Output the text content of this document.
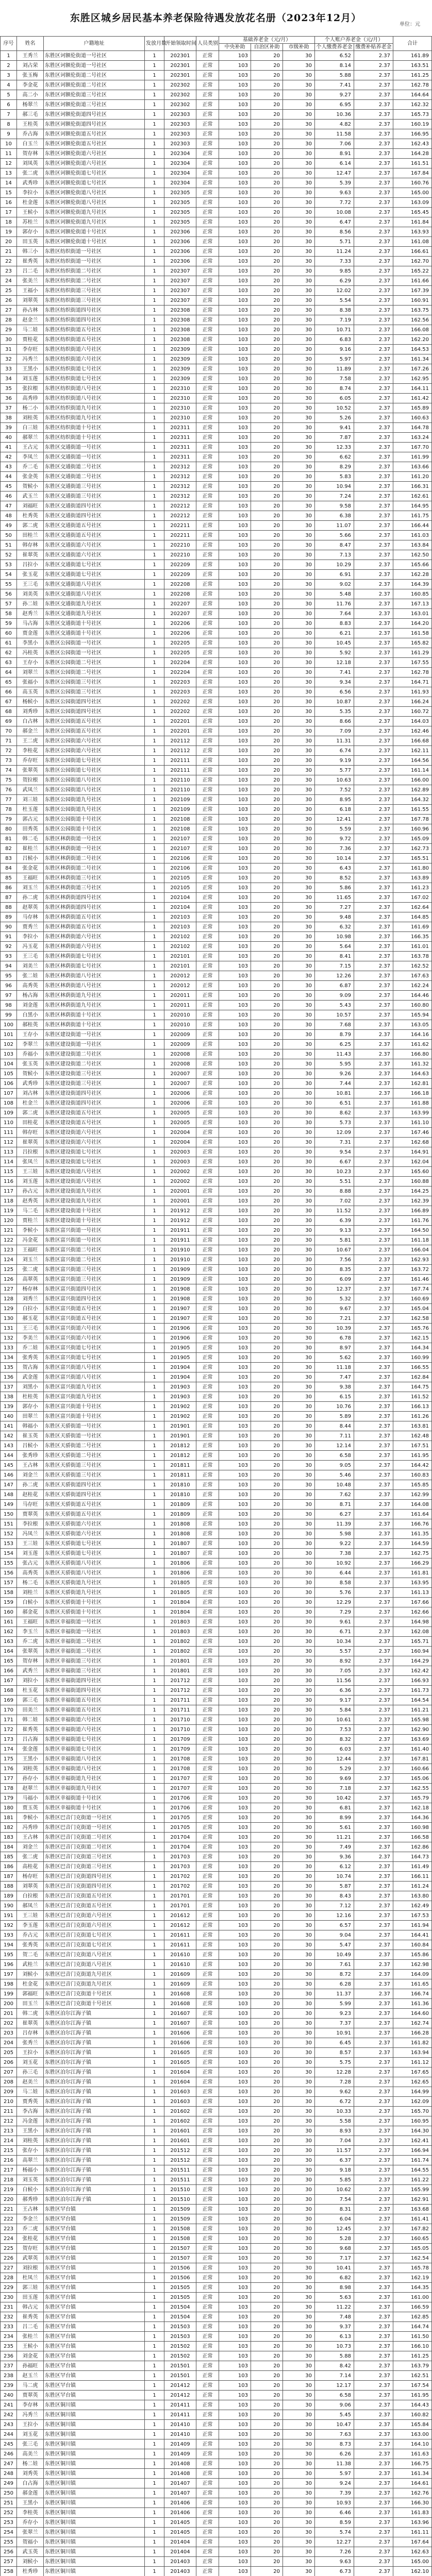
东胜区城乡居民基本养老保险待遇发放花名册（2023年12月）
单位：元
序号	姓名	户籍地址	发放月数	开始领取时间	人员类别	基础养老金（元/月）			个人账户养老金（元/月）		合计
						中央补助	自治区补助	市级补助	个人缴费养老金	缴费补贴养老金	
1	王秀兰	东胜区诃额伦街道一号社区	1	202301	正常	103	20	30	6.52	2.37	161.89
2	刘占荣	东胜区诃额伦街道一号社区	1	202301	正常	103	20	30	8.14	2.37	163.51
3	张玉梅	东胜区诃额伦街道二号社区	1	202301	正常	103	20	30	5.88	2.37	161.25
4	李金花	东胜区诃额伦街道二号社区	1	202302	正常	103	20	30	7.41	2.37	162.78
5	高二小	东胜区诃额伦街道三号社区	1	202302	正常	103	20	30	9.27	2.37	164.64
6	杨翠兰	东胜区诃额伦街道三号社区	1	202302	正常	103	20	30	6.95	2.37	162.32
7	郝三毛	东胜区诃额伦街道四号社区	1	202303	正常	103	20	30	10.36	2.37	165.73
8	王桂英	东胜区诃额伦街道四号社区	1	202303	正常	103	20	30	4.82	2.37	160.19
9	乔占海	东胜区诃额伦街道五号社区	1	202303	正常	103	20	30	11.58	2.37	166.95
10	白玉兰	东胜区诃额伦街道五号社区	1	202303	正常	103	20	30	7.06	2.37	162.43
11	贺存林	东胜区诃额伦街道六号社区	1	202304	正常	103	20	30	8.91	2.37	164.28
12	刘凤英	东胜区诃额伦街道六号社区	1	202304	正常	103	20	30	6.14	2.37	161.51
13	张二虎	东胜区诃额伦街道七号社区	1	202304	正常	103	20	30	12.47	2.37	167.84
14	武秀珍	东胜区诃额伦街道七号社区	1	202304	正常	103	20	30	5.39	2.37	160.76
15	李拉小	东胜区诃额伦街道八号社区	1	202305	正常	103	20	30	9.63	2.37	165.00
16	杜金莲	东胜区诃额伦街道八号社区	1	202305	正常	103	20	30	7.72	2.37	163.09
17	王候小	东胜区诃额伦街道九号社区	1	202305	正常	103	20	30	10.08	2.37	165.45
18	苏桂兰	东胜区诃额伦街道九号社区	1	202305	正常	103	20	30	6.47	2.37	161.84
19	郭存小	东胜区诃额伦街道十号社区	1	202306	正常	103	20	30	8.56	2.37	163.93
20	田玉英	东胜区诃额伦街道十号社区	1	202306	正常	103	20	30	5.71	2.37	161.08
21	韩三小	东胜区纺织街道一号社区	1	202306	正常	103	20	30	11.24	2.37	166.61
22	崔秀英	东胜区纺织街道一号社区	1	202306	正常	103	20	30	7.33	2.37	162.70
23	吕二毛	东胜区纺织街道二号社区	1	202307	正常	103	20	30	9.85	2.37	165.22
24	张美兰	东胜区纺织街道二号社区	1	202307	正常	103	20	30	6.29	2.37	161.66
25	王福小	东胜区纺织街道三号社区	1	202307	正常	103	20	30	12.02	2.37	167.39
26	刘翠英	东胜区纺织街道三号社区	1	202307	正常	103	20	30	5.54	2.37	160.91
27	孙占林	东胜区纺织街道四号社区	1	202308	正常	103	20	30	8.38	2.37	163.75
28	赵金兰	东胜区纺织街道四号社区	1	202308	正常	103	20	30	7.19	2.37	162.56
29	马二娃	东胜区纺织街道五号社区	1	202308	正常	103	20	30	10.71	2.37	166.08
30	贾桂花	东胜区纺织街道五号社区	1	202308	正常	103	20	30	6.83	2.37	162.20
31	李存旺	东胜区纺织街道六号社区	1	202309	正常	103	20	30	9.16	2.37	164.53
32	冯秀兰	东胜区纺织街道六号社区	1	202309	正常	103	20	30	5.97	2.37	161.34
33	王黑小	东胜区纺织街道七号社区	1	202309	正常	103	20	30	11.89	2.37	167.26
34	刘玉莲	东胜区纺织街道七号社区	1	202309	正常	103	20	30	7.58	2.37	162.95
35	张拉根	东胜区纺织街道八号社区	1	202310	正常	103	20	30	8.74	2.37	164.11
36	高秀珍	东胜区纺织街道八号社区	1	202310	正常	103	20	30	6.05	2.37	161.42
37	杨二小	东胜区纺织街道九号社区	1	202310	正常	103	20	30	10.52	2.37	165.89
38	刘桂英	东胜区纺织街道九号社区	1	202310	正常	103	20	30	5.26	2.37	160.63
39	白三娃	东胜区纺织街道十号社区	1	202311	正常	103	20	30	9.41	2.37	164.78
40	郝翠兰	东胜区纺织街道十号社区	1	202311	正常	103	20	30	7.87	2.37	163.24
41	王占元	东胜区交通街道一号社区	1	202311	正常	103	20	30	12.33	2.37	167.70
42	李凤兰	东胜区交通街道一号社区	1	202311	正常	103	20	30	6.62	2.37	161.99
43	乔二毛	东胜区交通街道二号社区	1	202312	正常	103	20	30	8.29	2.37	163.66
44	张金英	东胜区交通街道二号社区	1	202312	正常	103	20	30	5.83	2.37	161.20
45	贺候小	东胜区交通街道三号社区	1	202312	正常	103	20	30	10.94	2.37	166.31
46	武玉兰	东胜区交通街道三号社区	1	202312	正常	103	20	30	7.24	2.37	162.61
47	刘福旺	东胜区交通街道四号社区	1	202212	正常	103	20	30	9.58	2.37	164.95
48	杜秀英	东胜区交通街道四号社区	1	202212	正常	103	20	30	6.38	2.37	161.75
49	郭二虎	东胜区交通街道五号社区	1	202211	正常	103	20	30	11.07	2.37	166.44
50	田桂兰	东胜区交通街道五号社区	1	202211	正常	103	20	30	5.66	2.37	161.03
51	韩存林	东胜区交通街道六号社区	1	202210	正常	103	20	30	8.47	2.37	163.84
52	崔翠英	东胜区交通街道六号社区	1	202210	正常	103	20	30	7.13	2.37	162.50
53	吕拉小	东胜区交通街道七号社区	1	202209	正常	103	20	30	10.29	2.37	165.66
54	张玉花	东胜区交通街道七号社区	1	202209	正常	103	20	30	6.91	2.37	162.28
55	王三毛	东胜区交通街道八号社区	1	202208	正常	103	20	30	9.02	2.37	164.39
56	刘美英	东胜区交通街道八号社区	1	202208	正常	103	20	30	5.48	2.37	160.85
57	孙二娃	东胜区交通街道九号社区	1	202207	正常	103	20	30	11.76	2.37	167.13
58	赵秀兰	东胜区交通街道九号社区	1	202207	正常	103	20	30	7.64	2.37	163.01
59	马占海	东胜区交通街道十号社区	1	202206	正常	103	20	30	8.83	2.37	164.20
60	贾金莲	东胜区交通街道十号社区	1	202206	正常	103	20	30	6.21	2.37	161.58
61	李黑小	东胜区公园街道一号社区	1	202205	正常	103	20	30	10.45	2.37	165.82
62	冯桂英	东胜区公园街道一号社区	1	202205	正常	103	20	30	5.92	2.37	161.29
63	王存小	东胜区公园街道二号社区	1	202204	正常	103	20	30	12.18	2.37	167.55
64	刘翠兰	东胜区公园街道二号社区	1	202204	正常	103	20	30	7.41	2.37	162.78
65	张福小	东胜区公园街道三号社区	1	202203	正常	103	20	30	9.34	2.37	164.71
66	高玉英	东胜区公园街道三号社区	1	202203	正常	103	20	30	6.56	2.37	161.93
67	杨候小	东胜区公园街道四号社区	1	202202	正常	103	20	30	10.87	2.37	166.24
68	刘秀珍	东胜区公园街道四号社区	1	202202	正常	103	20	30	5.35	2.37	160.72
69	白占林	东胜区公园街道五号社区	1	202201	正常	103	20	30	8.66	2.37	164.03
70	郝金兰	东胜区公园街道五号社区	1	202201	正常	103	20	30	7.09	2.37	162.46
71	王二虎	东胜区公园街道六号社区	1	202112	正常	103	20	30	11.31	2.37	166.68
72	李桂花	东胜区公园街道六号社区	1	202112	正常	103	20	30	6.74	2.37	162.11
73	乔存旺	东胜区公园街道七号社区	1	202111	正常	103	20	30	9.19	2.37	164.56
74	张翠英	东胜区公园街道七号社区	1	202111	正常	103	20	30	5.77	2.37	161.14
75	贺拉根	东胜区公园街道八号社区	1	202110	正常	103	20	30	10.63	2.37	166.00
76	武凤兰	东胜区公园街道八号社区	1	202110	正常	103	20	30	7.52	2.37	162.89
77	刘三娃	东胜区公园街道九号社区	1	202109	正常	103	20	30	8.95	2.37	164.32
78	杜玉莲	东胜区公园街道九号社区	1	202109	正常	103	20	30	6.18	2.37	161.55
79	郭占元	东胜区公园街道十号社区	1	202108	正常	103	20	30	12.41	2.37	167.78
80	田秀英	东胜区公园街道十号社区	1	202108	正常	103	20	30	5.59	2.37	160.96
81	韩二毛	东胜区林荫街道一号社区	1	202107	正常	103	20	30	9.72	2.37	165.09
82	崔桂兰	东胜区林荫街道一号社区	1	202107	正常	103	20	30	7.36	2.37	162.73
83	吕候小	东胜区林荫街道二号社区	1	202106	正常	103	20	30	10.14	2.37	165.51
84	张金花	东胜区林荫街道二号社区	1	202106	正常	103	20	30	6.43	2.37	161.80
85	王福旺	东胜区林荫街道三号社区	1	202105	正常	103	20	30	8.52	2.37	163.89
86	刘玉兰	东胜区林荫街道三号社区	1	202105	正常	103	20	30	5.86	2.37	161.23
87	孙二虎	东胜区林荫街道四号社区	1	202104	正常	103	20	30	11.65	2.37	167.02
88	赵翠英	东胜区林荫街道四号社区	1	202104	正常	103	20	30	7.27	2.37	162.64
89	马存林	东胜区林荫街道五号社区	1	202103	正常	103	20	30	9.48	2.37	164.85
90	贾秀兰	东胜区林荫街道五号社区	1	202103	正常	103	20	30	6.32	2.37	161.69
91	李拉小	东胜区林荫街道六号社区	1	202102	正常	103	20	30	10.98	2.37	166.35
92	冯玉花	东胜区林荫街道六号社区	1	202102	正常	103	20	30	5.64	2.37	161.01
93	王三毛	东胜区林荫街道七号社区	1	202101	正常	103	20	30	8.41	2.37	163.78
94	刘美兰	东胜区林荫街道七号社区	1	202101	正常	103	20	30	7.15	2.37	162.52
95	张二娃	东胜区林荫街道八号社区	1	202012	正常	103	20	30	12.26	2.37	167.63
96	高秀英	东胜区林荫街道八号社区	1	202012	正常	103	20	30	6.87	2.37	162.24
97	杨占海	东胜区林荫街道九号社区	1	202011	正常	103	20	30	9.09	2.37	164.46
98	刘金莲	东胜区林荫街道九号社区	1	202011	正常	103	20	30	5.43	2.37	160.80
99	白黑小	东胜区林荫街道十号社区	1	202010	正常	103	20	30	10.57	2.37	165.94
100	郝桂英	东胜区林荫街道十号社区	1	202010	正常	103	20	30	7.68	2.37	163.05
101	王存小	东胜区建设街道一号社区	1	202009	正常	103	20	30	8.79	2.37	164.16
102	李翠兰	东胜区建设街道一号社区	1	202009	正常	103	20	30	6.25	2.37	161.62
103	乔福小	东胜区建设街道二号社区	1	202008	正常	103	20	30	11.43	2.37	166.80
104	张玉英	东胜区建设街道二号社区	1	202008	正常	103	20	30	5.95	2.37	161.32
105	贺候小	东胜区建设街道三号社区	1	202007	正常	103	20	30	9.26	2.37	164.63
106	武秀珍	东胜区建设街道三号社区	1	202007	正常	103	20	30	7.44	2.37	162.81
107	刘占林	东胜区建设街道四号社区	1	202006	正常	103	20	30	10.81	2.37	166.18
108	杜金兰	东胜区建设街道四号社区	1	202006	正常	103	20	30	6.51	2.37	161.88
109	郭二虎	东胜区建设街道五号社区	1	202005	正常	103	20	30	8.62	2.37	163.99
110	田桂花	东胜区建设街道五号社区	1	202005	正常	103	20	30	5.73	2.37	161.10
111	韩存旺	东胜区建设街道六号社区	1	202004	正常	103	20	30	12.09	2.37	167.46
112	崔翠英	东胜区建设街道六号社区	1	202004	正常	103	20	30	7.31	2.37	162.68
113	吕拉根	东胜区建设街道七号社区	1	202003	正常	103	20	30	9.54	2.37	164.91
114	张凤兰	东胜区建设街道七号社区	1	202003	正常	103	20	30	6.67	2.37	162.04
115	王三娃	东胜区建设街道八号社区	1	202002	正常	103	20	30	10.23	2.37	165.60
116	刘玉莲	东胜区建设街道八号社区	1	202002	正常	103	20	30	5.51	2.37	160.88
117	孙占元	东胜区建设街道九号社区	1	202001	正常	103	20	30	8.88	2.37	164.25
118	赵秀英	东胜区建设街道九号社区	1	202001	正常	103	20	30	7.02	2.37	162.39
119	马二毛	东胜区建设街道十号社区	1	201912	正常	103	20	30	11.52	2.37	166.89
120	贾桂兰	东胜区建设街道十号社区	1	201912	正常	103	20	30	6.39	2.37	161.76
121	李候小	东胜区富兴街道一号社区	1	201911	正常	103	20	30	9.13	2.37	164.50
122	冯金花	东胜区富兴街道一号社区	1	201911	正常	103	20	30	5.81	2.37	161.18
123	王福旺	东胜区富兴街道二号社区	1	201910	正常	103	20	30	10.67	2.37	166.04
124	刘玉兰	东胜区富兴街道二号社区	1	201910	正常	103	20	30	7.56	2.37	162.93
125	张二虎	东胜区富兴街道三号社区	1	201909	正常	103	20	30	8.35	2.37	163.72
126	高翠英	东胜区富兴街道三号社区	1	201909	正常	103	20	30	6.09	2.37	161.46
127	杨存林	东胜区富兴街道四号社区	1	201908	正常	103	20	30	12.37	2.37	167.74
128	刘秀兰	东胜区富兴街道四号社区	1	201908	正常	103	20	30	5.32	2.37	160.69
129	白拉小	东胜区富兴街道五号社区	1	201907	正常	103	20	30	9.67	2.37	165.04
130	郝玉花	东胜区富兴街道五号社区	1	201907	正常	103	20	30	7.21	2.37	162.58
131	王三毛	东胜区富兴街道六号社区	1	201906	正常	103	20	30	10.39	2.37	165.76
132	李美兰	东胜区富兴街道六号社区	1	201906	正常	103	20	30	6.78	2.37	162.15
133	乔二娃	东胜区富兴街道七号社区	1	201905	正常	103	20	30	8.97	2.37	164.34
134	张秀英	东胜区富兴街道七号社区	1	201905	正常	103	20	30	5.62	2.37	160.99
135	贺占海	东胜区富兴街道八号社区	1	201904	正常	103	20	30	11.18	2.37	166.55
136	武金莲	东胜区富兴街道八号社区	1	201904	正常	103	20	30	7.47	2.37	162.84
137	刘黑小	东胜区富兴街道九号社区	1	201903	正常	103	20	30	9.38	2.37	164.75
138	杜桂英	东胜区富兴街道九号社区	1	201903	正常	103	20	30	6.15	2.37	161.52
139	郭存小	东胜区富兴街道十号社区	1	201902	正常	103	20	30	10.76	2.37	166.13
140	田翠兰	东胜区富兴街道十号社区	1	201902	正常	103	20	30	5.89	2.37	161.26
141	韩福小	东胜区天骄街道一号社区	1	201901	正常	103	20	30	8.44	2.37	163.81
142	崔玉英	东胜区天骄街道一号社区	1	201901	正常	103	20	30	7.11	2.37	162.48
143	吕候小	东胜区天骄街道二号社区	1	201812	正常	103	20	30	12.14	2.37	167.51
144	张秀珍	东胜区天骄街道二号社区	1	201812	正常	103	20	30	6.58	2.37	161.95
145	王占林	东胜区天骄街道三号社区	1	201811	正常	103	20	30	9.05	2.37	164.42
146	刘金兰	东胜区天骄街道三号社区	1	201811	正常	103	20	30	5.46	2.37	160.83
147	孙二虎	东胜区天骄街道四号社区	1	201810	正常	103	20	30	10.48	2.37	165.85
148	赵桂花	东胜区天骄街道四号社区	1	201810	正常	103	20	30	7.62	2.37	162.99
149	马存旺	东胜区天骄街道五号社区	1	201809	正常	103	20	30	8.71	2.37	164.08
150	贾翠英	东胜区天骄街道五号社区	1	201809	正常	103	20	30	6.27	2.37	161.64
151	李拉根	东胜区天骄街道六号社区	1	201808	正常	103	20	30	11.39	2.37	166.76
152	冯凤兰	东胜区天骄街道六号社区	1	201808	正常	103	20	30	5.98	2.37	161.35
153	王三娃	东胜区天骄街道七号社区	1	201807	正常	103	20	30	9.22	2.37	164.59
154	刘玉莲	东胜区天骄街道七号社区	1	201807	正常	103	20	30	7.38	2.37	162.75
155	张占元	东胜区天骄街道八号社区	1	201806	正常	103	20	30	10.92	2.37	166.29
156	高秀英	东胜区天骄街道八号社区	1	201806	正常	103	20	30	6.44	2.37	161.81
157	杨二毛	东胜区天骄街道九号社区	1	201805	正常	103	20	30	8.58	2.37	163.95
158	刘桂兰	东胜区天骄街道九号社区	1	201805	正常	103	20	30	5.76	2.37	161.13
159	白候小	东胜区天骄街道十号社区	1	201804	正常	103	20	30	12.29	2.37	167.66
160	郝金花	东胜区天骄街道十号社区	1	201804	正常	103	20	30	7.29	2.37	162.66
161	王福旺	东胜区幸福街道一号社区	1	201803	正常	103	20	30	9.61	2.37	164.98
162	李玉兰	东胜区幸福街道一号社区	1	201803	正常	103	20	30	6.71	2.37	162.08
163	乔二虎	东胜区幸福街道二号社区	1	201802	正常	103	20	30	10.34	2.37	165.71
164	张翠英	东胜区幸福街道二号社区	1	201802	正常	103	20	30	5.57	2.37	160.94
165	贺存林	东胜区幸福街道三号社区	1	201801	正常	103	20	30	8.92	2.37	164.29
166	武秀兰	东胜区幸福街道三号社区	1	201801	正常	103	20	30	7.05	2.37	162.42
167	刘拉小	东胜区幸福街道四号社区	1	201712	正常	103	20	30	11.56	2.37	166.93
168	杜玉花	东胜区幸福街道四号社区	1	201712	正常	103	20	30	6.36	2.37	161.73
169	郭三毛	东胜区幸福街道五号社区	1	201711	正常	103	20	30	9.17	2.37	164.54
170	田美兰	东胜区幸福街道五号社区	1	201711	正常	103	20	30	5.84	2.37	161.21
171	韩二娃	东胜区幸福街道六号社区	1	201710	正常	103	20	30	10.61	2.37	165.98
172	崔秀英	东胜区幸福街道六号社区	1	201710	正常	103	20	30	7.53	2.37	162.90
173	吕占海	东胜区幸福街道七号社区	1	201709	正常	103	20	30	8.32	2.37	163.69
174	张金莲	东胜区幸福街道七号社区	1	201709	正常	103	20	30	6.03	2.37	161.40
175	王黑小	东胜区幸福街道八号社区	1	201708	正常	103	20	30	12.44	2.37	167.81
176	刘桂英	东胜区幸福街道八号社区	1	201708	正常	103	20	30	5.29	2.37	160.66
177	孙存小	东胜区幸福街道九号社区	1	201707	正常	103	20	30	9.69	2.37	165.06
178	赵翠兰	东胜区幸福街道九号社区	1	201707	正常	103	20	30	7.18	2.37	162.55
179	马福小	东胜区幸福街道十号社区	1	201706	正常	103	20	30	10.42	2.37	165.79
180	贾玉英	东胜区幸福街道十号社区	1	201706	正常	103	20	30	6.81	2.37	162.18
181	李候小	东胜区巴音门克街道一号社区	1	201705	正常	103	20	30	8.99	2.37	164.36
182	冯秀珍	东胜区巴音门克街道一号社区	1	201705	正常	103	20	30	5.61	2.37	160.98
183	王占林	东胜区巴音门克街道二号社区	1	201704	正常	103	20	30	11.21	2.37	166.58
184	刘金兰	东胜区巴音门克街道二号社区	1	201704	正常	103	20	30	7.49	2.37	162.86
185	张二虎	东胜区巴音门克街道三号社区	1	201703	正常	103	20	30	9.36	2.37	164.73
186	高桂花	东胜区巴音门克街道三号社区	1	201703	正常	103	20	30	6.12	2.37	161.49
187	杨存旺	东胜区巴音门克街道四号社区	1	201702	正常	103	20	30	10.74	2.37	166.11
188	刘翠英	东胜区巴音门克街道四号社区	1	201702	正常	103	20	30	5.87	2.37	161.24
189	白拉根	东胜区巴音门克街道五号社区	1	201701	正常	103	20	30	8.43	2.37	163.80
190	郝凤兰	东胜区巴音门克街道五号社区	1	201701	正常	103	20	30	7.12	2.37	162.49
191	王三娃	东胜区巴音门克街道六号社区	1	201612	正常	103	20	30	12.16	2.37	167.53
192	李玉莲	东胜区巴音门克街道六号社区	1	201612	正常	103	20	30	6.57	2.37	161.94
193	乔占元	东胜区巴音门克街道七号社区	1	201611	正常	103	20	30	9.04	2.37	164.41
194	张秀英	东胜区巴音门克街道七号社区	1	201611	正常	103	20	30	5.47	2.37	160.84
195	贺二毛	东胜区巴音门克街道八号社区	1	201610	正常	103	20	30	10.49	2.37	165.86
196	武桂兰	东胜区巴音门克街道八号社区	1	201610	正常	103	20	30	7.61	2.37	162.98
197	刘候小	东胜区巴音门克街道九号社区	1	201609	正常	103	20	30	8.72	2.37	164.09
198	杜金花	东胜区巴音门克街道九号社区	1	201609	正常	103	20	30	6.28	2.37	161.65
199	郭福旺	东胜区巴音门克街道十号社区	1	201608	正常	103	20	30	11.37	2.37	166.74
200	田玉兰	东胜区巴音门克街道十号社区	1	201608	正常	103	20	30	5.99	2.37	161.36
201	韩二虎	东胜区泊尔江海子镇	1	201607	正常	103	20	30	9.23	2.37	164.60
202	崔翠英	东胜区泊尔江海子镇	1	201607	正常	103	20	30	7.37	2.37	162.74
203	吕存林	东胜区泊尔江海子镇	1	201606	正常	103	20	30	10.91	2.37	166.28
204	张秀兰	东胜区泊尔江海子镇	1	201606	正常	103	20	30	6.45	2.37	161.82
205	王拉小	东胜区泊尔江海子镇	1	201605	正常	103	20	30	8.57	2.37	163.94
206	刘玉花	东胜区泊尔江海子镇	1	201605	正常	103	20	30	5.75	2.37	161.12
207	孙三毛	东胜区泊尔江海子镇	1	201604	正常	103	20	30	12.28	2.37	167.65
208	赵美兰	东胜区泊尔江海子镇	1	201604	正常	103	20	30	7.28	2.37	162.65
209	马二娃	东胜区泊尔江海子镇	1	201603	正常	103	20	30	9.62	2.37	164.99
210	贾秀英	东胜区泊尔江海子镇	1	201603	正常	103	20	30	6.72	2.37	162.09
211	李占海	东胜区泊尔江海子镇	1	201602	正常	103	20	30	10.33	2.37	165.70
212	冯金莲	东胜区泊尔江海子镇	1	201602	正常	103	20	30	5.58	2.37	160.95
213	王黑小	东胜区泊尔江海子镇	1	201601	正常	103	20	30	8.93	2.37	164.30
214	刘桂英	东胜区泊尔江海子镇	1	201601	正常	103	20	30	7.04	2.37	162.41
215	张存小	东胜区泊尔江海子镇	1	201512	正常	103	20	30	11.57	2.37	166.94
216	高翠兰	东胜区泊尔江海子镇	1	201512	正常	103	20	30	6.37	2.37	161.74
217	杨福小	东胜区泊尔江海子镇	1	201511	正常	103	20	30	9.18	2.37	164.55
218	刘玉英	东胜区泊尔江海子镇	1	201511	正常	103	20	30	5.85	2.37	161.22
219	白候小	东胜区泊尔江海子镇	1	201510	正常	103	20	30	10.62	2.37	165.99
220	郝秀珍	东胜区泊尔江海子镇	1	201510	正常	103	20	30	7.54	2.37	162.91
221	王占林	东胜区罕台镇	1	201509	正常	103	20	30	8.31	2.37	163.68
222	李金兰	东胜区罕台镇	1	201509	正常	103	20	30	6.04	2.37	161.41
223	乔二虎	东胜区罕台镇	1	201508	正常	103	20	30	12.45	2.37	167.82
224	张桂花	东胜区罕台镇	1	201508	正常	103	20	30	5.28	2.37	160.65
225	贺存旺	东胜区罕台镇	1	201507	正常	103	20	30	9.68	2.37	165.05
226	武翠英	东胜区罕台镇	1	201507	正常	103	20	30	7.17	2.37	162.54
227	刘拉根	东胜区罕台镇	1	201506	正常	103	20	30	10.41	2.37	165.78
228	杜凤兰	东胜区罕台镇	1	201506	正常	103	20	30	6.82	2.37	162.19
229	郭三娃	东胜区罕台镇	1	201505	正常	103	20	30	8.98	2.37	164.35
230	田玉莲	东胜区罕台镇	1	201505	正常	103	20	30	5.63	2.37	161.00
231	韩占元	东胜区罕台镇	1	201504	正常	103	20	30	11.22	2.37	166.59
232	崔秀英	东胜区罕台镇	1	201504	正常	103	20	30	7.48	2.37	162.85
233	吕二毛	东胜区罕台镇	1	201503	正常	103	20	30	9.37	2.37	164.74
234	张桂兰	东胜区罕台镇	1	201503	正常	103	20	30	6.13	2.37	161.50
235	王候小	东胜区罕台镇	1	201502	正常	103	20	30	10.73	2.37	166.10
236	刘金花	东胜区罕台镇	1	201502	正常	103	20	30	5.88	2.37	161.25
237	孙福旺	东胜区罕台镇	1	201501	正常	103	20	30	8.42	2.37	163.79
238	赵玉兰	东胜区罕台镇	1	201501	正常	103	20	30	7.14	2.37	162.51
239	马二虎	东胜区罕台镇	1	201412	正常	103	20	30	12.17	2.37	167.54
240	贾翠英	东胜区罕台镇	1	201412	正常	103	20	30	6.58	2.37	161.95
241	李存林	东胜区铜川镇	1	201411	正常	103	20	30	9.06	2.37	164.43
242	冯秀兰	东胜区铜川镇	1	201411	正常	103	20	30	5.45	2.37	160.82
243	王拉小	东胜区铜川镇	1	201410	正常	103	20	30	10.47	2.37	165.84
244	刘玉花	东胜区铜川镇	1	201410	正常	103	20	30	7.63	2.37	163.00
245	张三毛	东胜区铜川镇	1	201409	正常	103	20	30	8.73	2.37	164.10
246	高美兰	东胜区铜川镇	1	201409	正常	103	20	30	6.26	2.37	161.63
247	杨二娃	东胜区铜川镇	1	201408	正常	103	20	30	11.38	2.37	166.75
248	刘秀英	东胜区铜川镇	1	201408	正常	103	20	30	5.97	2.37	161.34
249	白占海	东胜区铜川镇	1	201407	正常	103	20	30	9.24	2.37	164.61
250	郝金莲	东胜区铜川镇	1	201407	正常	103	20	30	7.39	2.37	162.76
251	王黑小	东胜区铜川镇	1	201406	正常	103	20	30	10.93	2.37	166.30
252	李桂英	东胜区铜川镇	1	201406	正常	103	20	30	6.46	2.37	161.83
253	乔存小	东胜区铜川镇	1	201405	正常	103	20	30	8.59	2.37	163.96
254	张翠兰	东胜区铜川镇	1	201405	正常	103	20	30	5.74	2.37	161.11
255	贺福小	东胜区铜川镇	1	201404	正常	103	20	30	12.27	2.37	167.64
256	武玉英	东胜区铜川镇	1	201404	正常	103	20	30	7.26	2.37	162.63
257	刘候小	东胜区铜川镇	1	201403	正常	103	20	30	9.63	2.37	165.00
258	杜秀珍	东胜区铜川镇	1	201403	正常	103	20	30	6.73	2.37	162.10
